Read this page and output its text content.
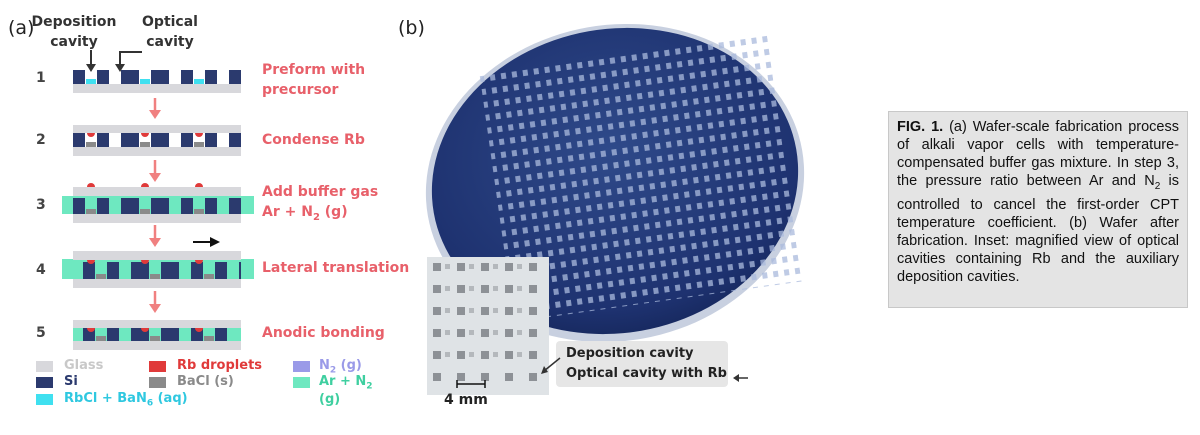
(a)
Deposition cavity
Optical cavity
1
2
3
4
5
Preform with precursor
Condense Rb
Add buffer gas
$Ar + N_2$ (g)
Lateral translation
Anodic bonding
Glass
Si
RbCl + BaN$_6$ (aq)
Rb droplets
BaCl (s)
$N_2$ (g)
$Ar + N_2$ (g)
(b)
4 mm
Deposition cavity
Optical cavity with Rb

FIG. 1. (a) Wafer-scale fabrication process of alkali vapor cells with temperature-compensated buffer gas mixture. In step 3, the pressure ratio between Ar and $N_2$ is controlled to cancel the first-order CPT temperature coefficient. (b) Wafer after fabrication. Inset: magnified view of optical cavities containing Rb and the auxiliary deposition cavities.
